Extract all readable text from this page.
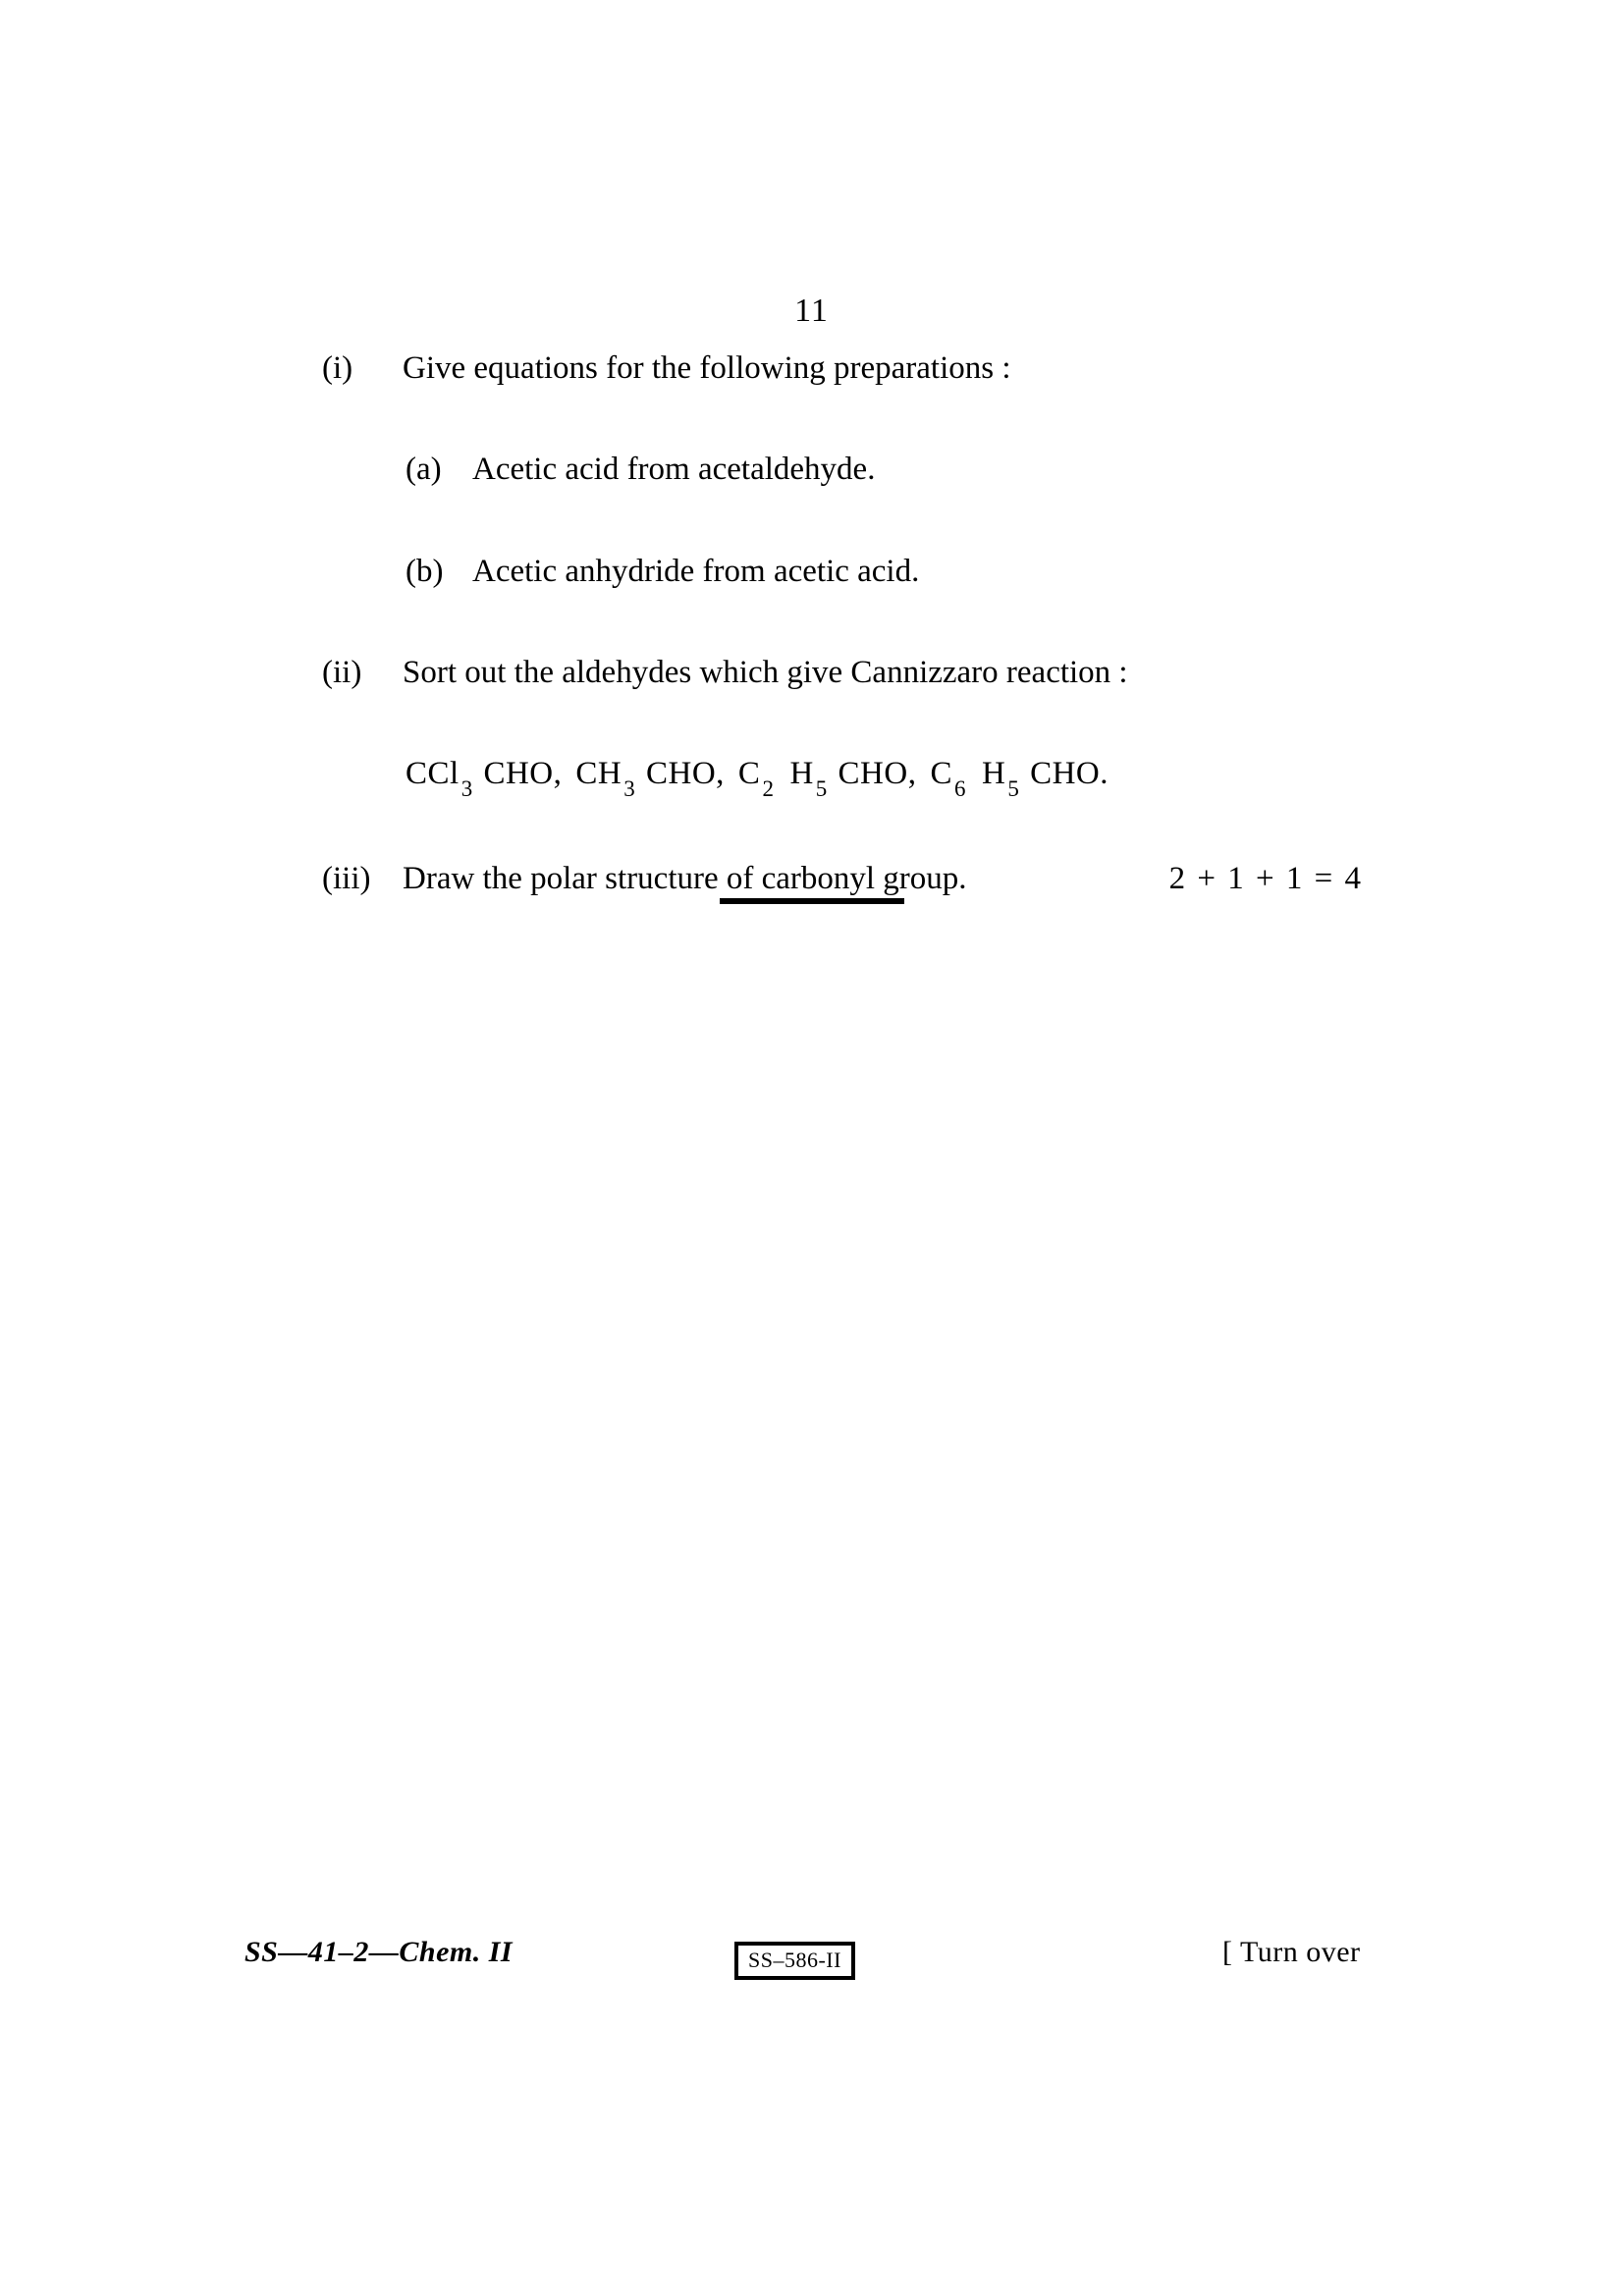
11
(i)	Give equations for the following preparations :
(a) Acetic acid from acetaldehyde.
(b) Acetic anhydride from acetic acid.
(ii)	Sort out the aldehydes which give Cannizzaro reaction :
CCl$_3$ CHO, $CH_3$ CHO, $C_2$ $H_5$ CHO, $C_6$ $H_5$ CHO.
(iii) Draw the polar structure of carbonyl group.	2 + 1 + 1 = 4
SS—41–2—Chem. II	SS–586-II	[ Turn over
